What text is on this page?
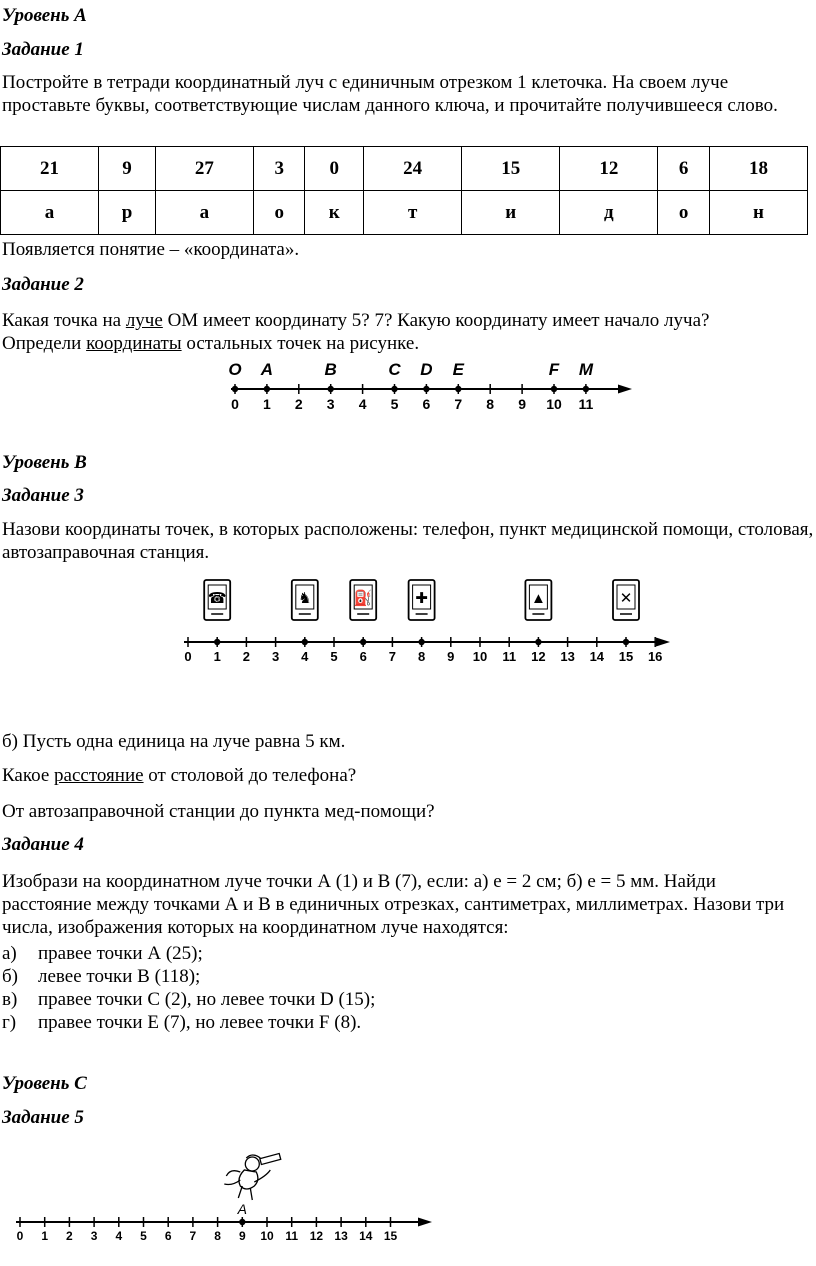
Уровень А
Задание 1
Постройте в тетради координатный луч с единичным отрезком 1 клеточка. На своем луче проставьте буквы, соответствующие числам данного ключа, и прочитайте получившееся слово.
21	9	27	3	0	24	15	12	6	18
а	р	а	о	к	т	и	д	о	н
Появляется понятие – «координата».
Задание 2
Какая точка на луче ОМ имеет координату 5? 7? Какую координату имеет начало луча?
Определи координаты остальных точек на рисунке.
0 1 2 3 4 5 6 7 8 9 10 11
O A	B	C D E	F M
Уровень В
Задание 3
Назови координаты точек, в которых расположены: телефон, пункт медицинской помощи, столовая, автозаправочная станция.
0 1 2 3 4 5 6 7 8 9 10 11 12 13 14 15 16
☎	♞	⛽	✚	▲	✕
б) Пусть одна единица на луче равна 5 км.
Какое расстояние от столовой до телефона?
От автозаправочной станции до пункта мед-помощи?
Задание 4
Изобрази на координатном луче точки А (1) и В (7), если: а) е = 2 см; б) е = 5 мм. Найди расстояние между точками А и В в единичных отрезках, сантиметрах, миллиметрах. Назови три числа, изображения которых на координатном луче находятся:
а)	правее точки А (25);
б)	левее точки В (118);
в)	правее точки С (2), но левее точки D (15);
г)	правее точки Е (7), но левее точки F (8).
Уровень С
Задание 5
0 1 2 3 4 5 6 7 8 9 10 11 12 13 14 15
A
